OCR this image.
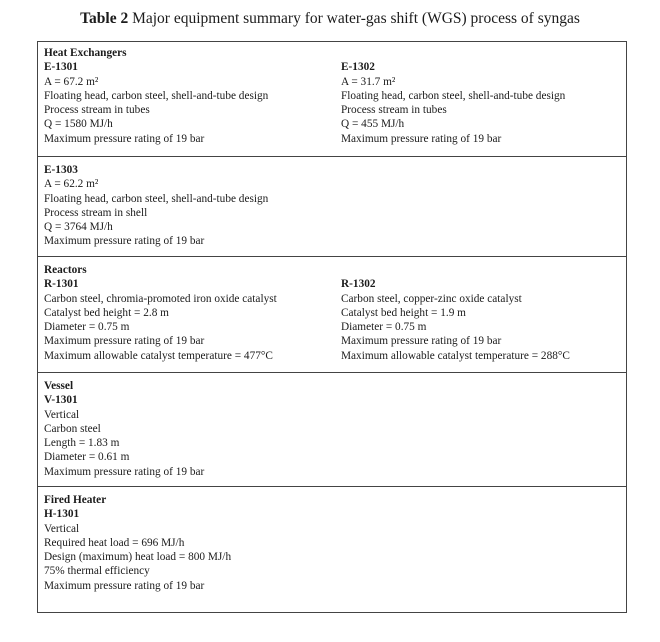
Table 2 Major equipment summary for water-gas shift (WGS) process of syngas
Heat Exchangers
E-1301
A = 67.2 m²
Floating head, carbon steel, shell-and-tube design
Process stream in tubes
Q = 1580 MJ/h
Maximum pressure rating of 19 bar
E-1302
A = 31.7 m²
Floating head, carbon steel, shell-and-tube design
Process stream in tubes
Q = 455 MJ/h
Maximum pressure rating of 19 bar
E-1303
A = 62.2 m²
Floating head, carbon steel, shell-and-tube design
Process stream in shell
Q = 3764 MJ/h
Maximum pressure rating of 19 bar
Reactors
R-1301
Carbon steel, chromia-promoted iron oxide catalyst
Catalyst bed height = 2.8 m
Diameter = 0.75 m
Maximum pressure rating of 19 bar
Maximum allowable catalyst temperature = 477°C
R-1302
Carbon steel, copper-zinc oxide catalyst
Catalyst bed height = 1.9 m
Diameter = 0.75 m
Maximum pressure rating of 19 bar
Maximum allowable catalyst temperature = 288°C
Vessel
V-1301
Vertical
Carbon steel
Length = 1.83 m
Diameter = 0.61 m
Maximum pressure rating of 19 bar
Fired Heater
H-1301
Vertical
Required heat load = 696 MJ/h
Design (maximum) heat load = 800 MJ/h
75% thermal efficiency
Maximum pressure rating of 19 bar
